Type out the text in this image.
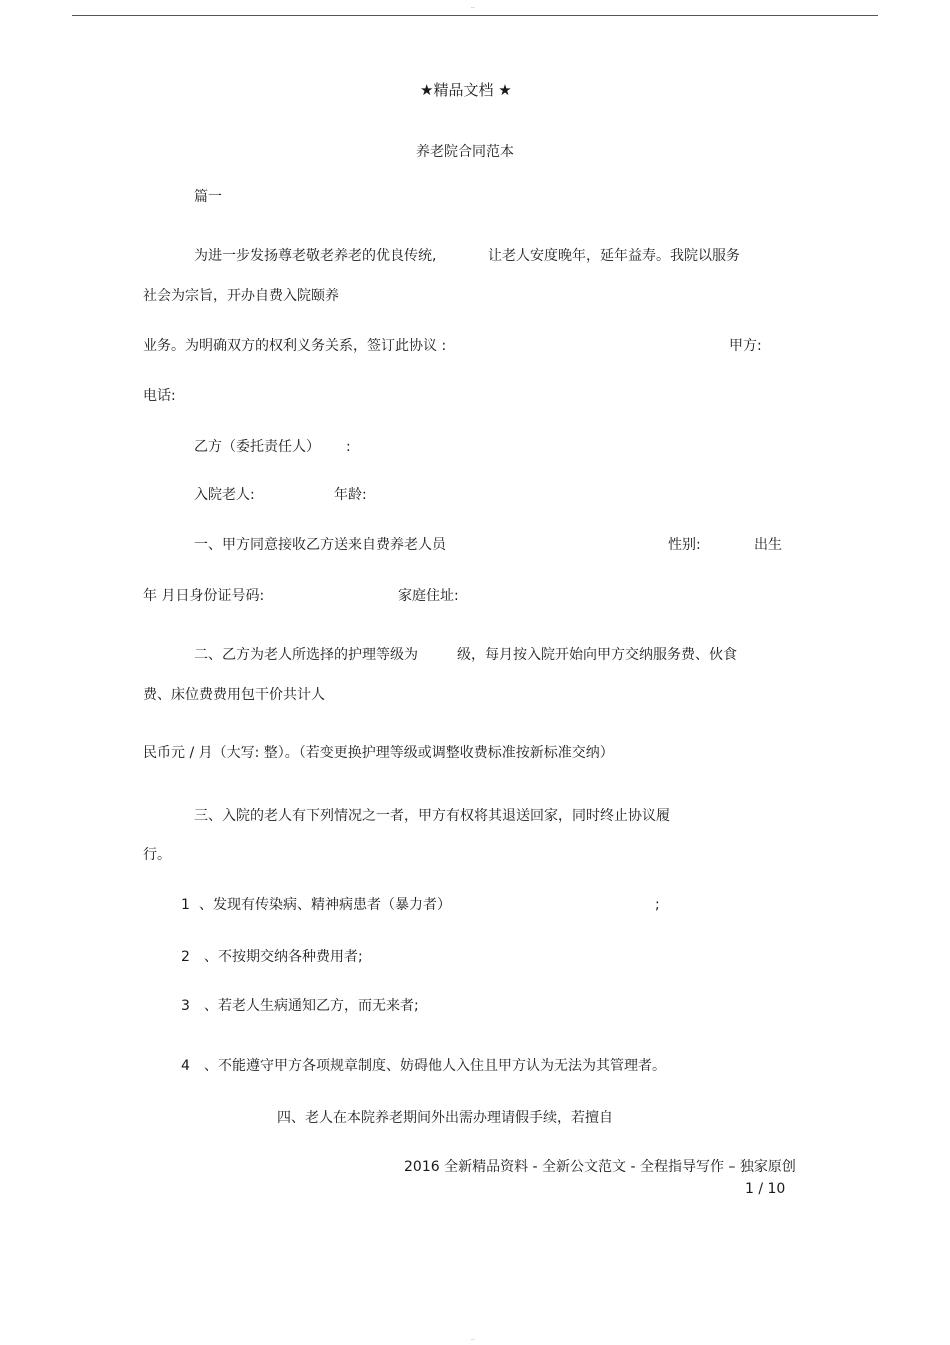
..
★精品文档 ★
养老院合同范本
篇一
为进一步发扬尊老敬老养老的优良传统,	让老人安度晚年，延年益寿。我院以服务
社会为宗旨，开办自费入院颐养
业务。为明确双方的权利义务关系，签订此协议 :	甲方:
电话:
乙方（委托责任人） :
入院老人:	年龄:
一、甲方同意接收乙方送来自费养老人员	性别:	出生
年 月日身份证号码:	家庭住址:
二、乙方为老人所选择的护理等级为	级，每月按入院开始向甲方交纳服务费、伙食
费、床位费费用包干价共计人
民币元 / 月（大写: 整）。（若变更换护理等级或调整收费标准按新标准交纳）
三、入院的老人有下列情况之一者，甲方有权将其退送回家，同时终止协议履
行。
1 、发现有传染病、精神病患者（暴力者）	;
2 、不按期交纳各种费用者;
3 、若老人生病通知乙方，而无来者;
4 、不能遵守甲方各项规章制度、妨碍他人入住且甲方认为无法为其管理者。
四、老人在本院养老期间外出需办理请假手续，若擅自
2016 全新精品资料 - 全新公文范文 - 全程指导写作 – 独家原创
1 / 10
..
